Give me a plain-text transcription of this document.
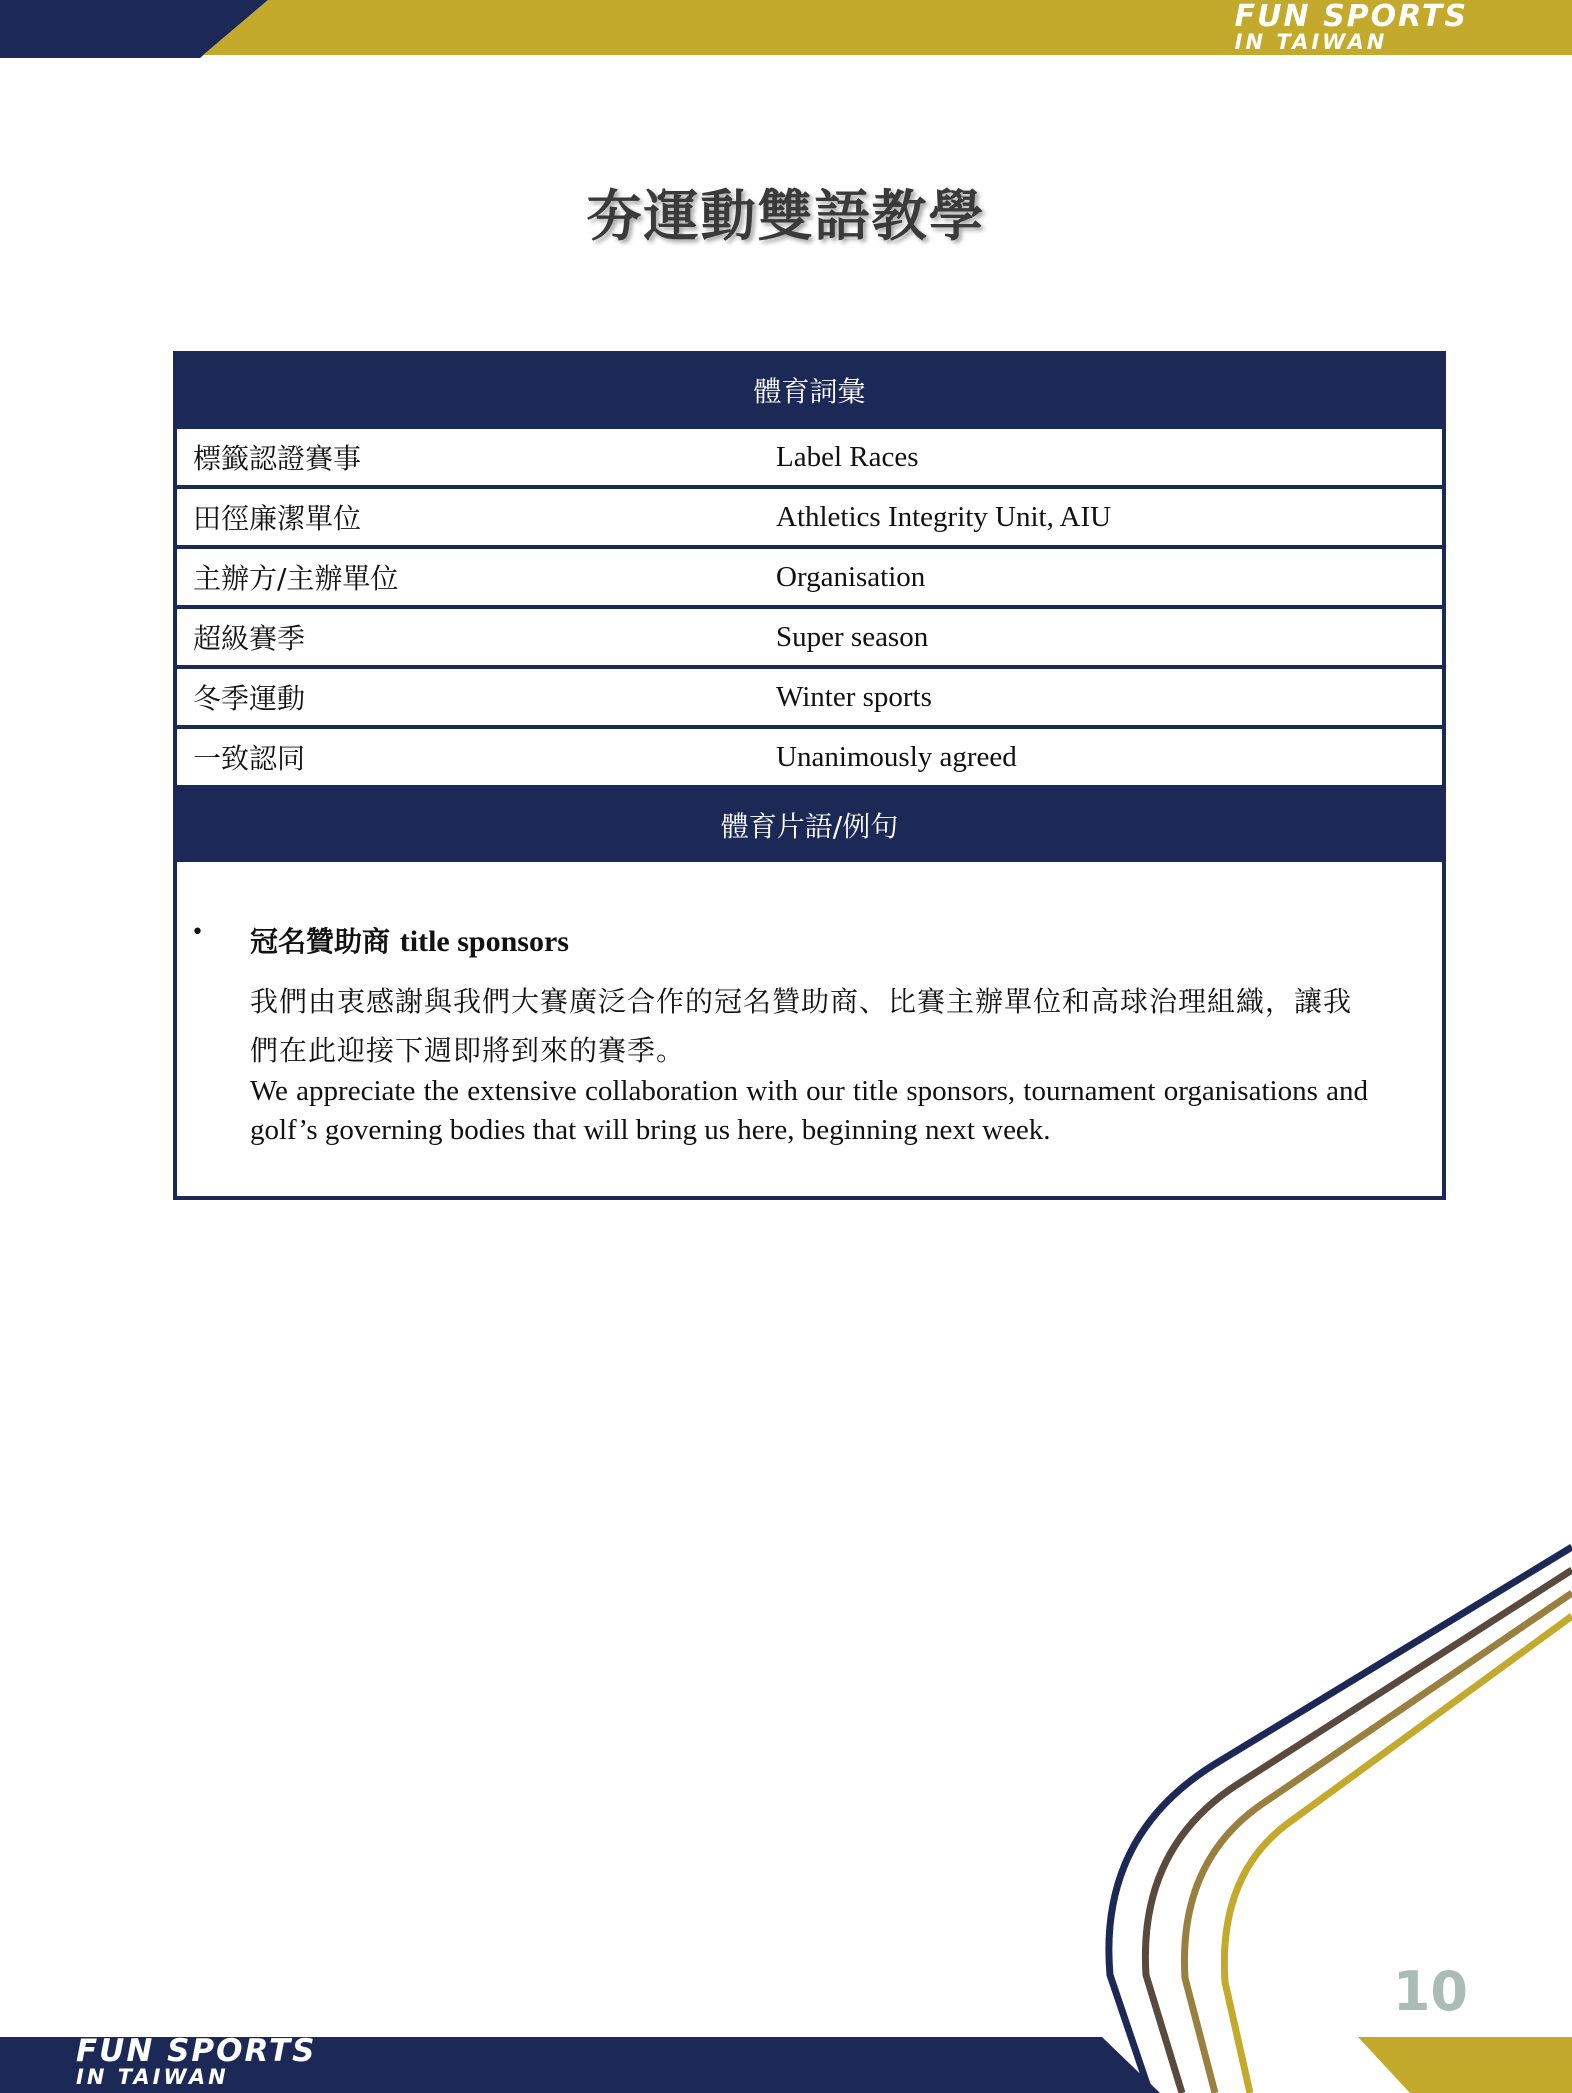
FUN SPORTS
IN TAIWAN
夯運動雙語教學
體育詞彙	
標籤認證賽事	Label Races
田徑廉潔單位	Athletics Integrity Unit, AIU
主辦方/主辦單位	Organisation
超級賽季	Super season
冬季運動	Winter sports
一致認同	Unanimously agreed
體育片語/例句
• 冠名贊助商 title sponsors

我們由衷感謝與我們大賽廣泛合作的冠名贊助商、比賽主辦單位和高球治理組織，讓我們在此迎接下週即將到來的賽季。

We appreciate the extensive collaboration with our title sponsors, tournament organisations and golf’s governing bodies that will bring us here, beginning next week.

FUN SPORTS
IN TAIWAN
10
